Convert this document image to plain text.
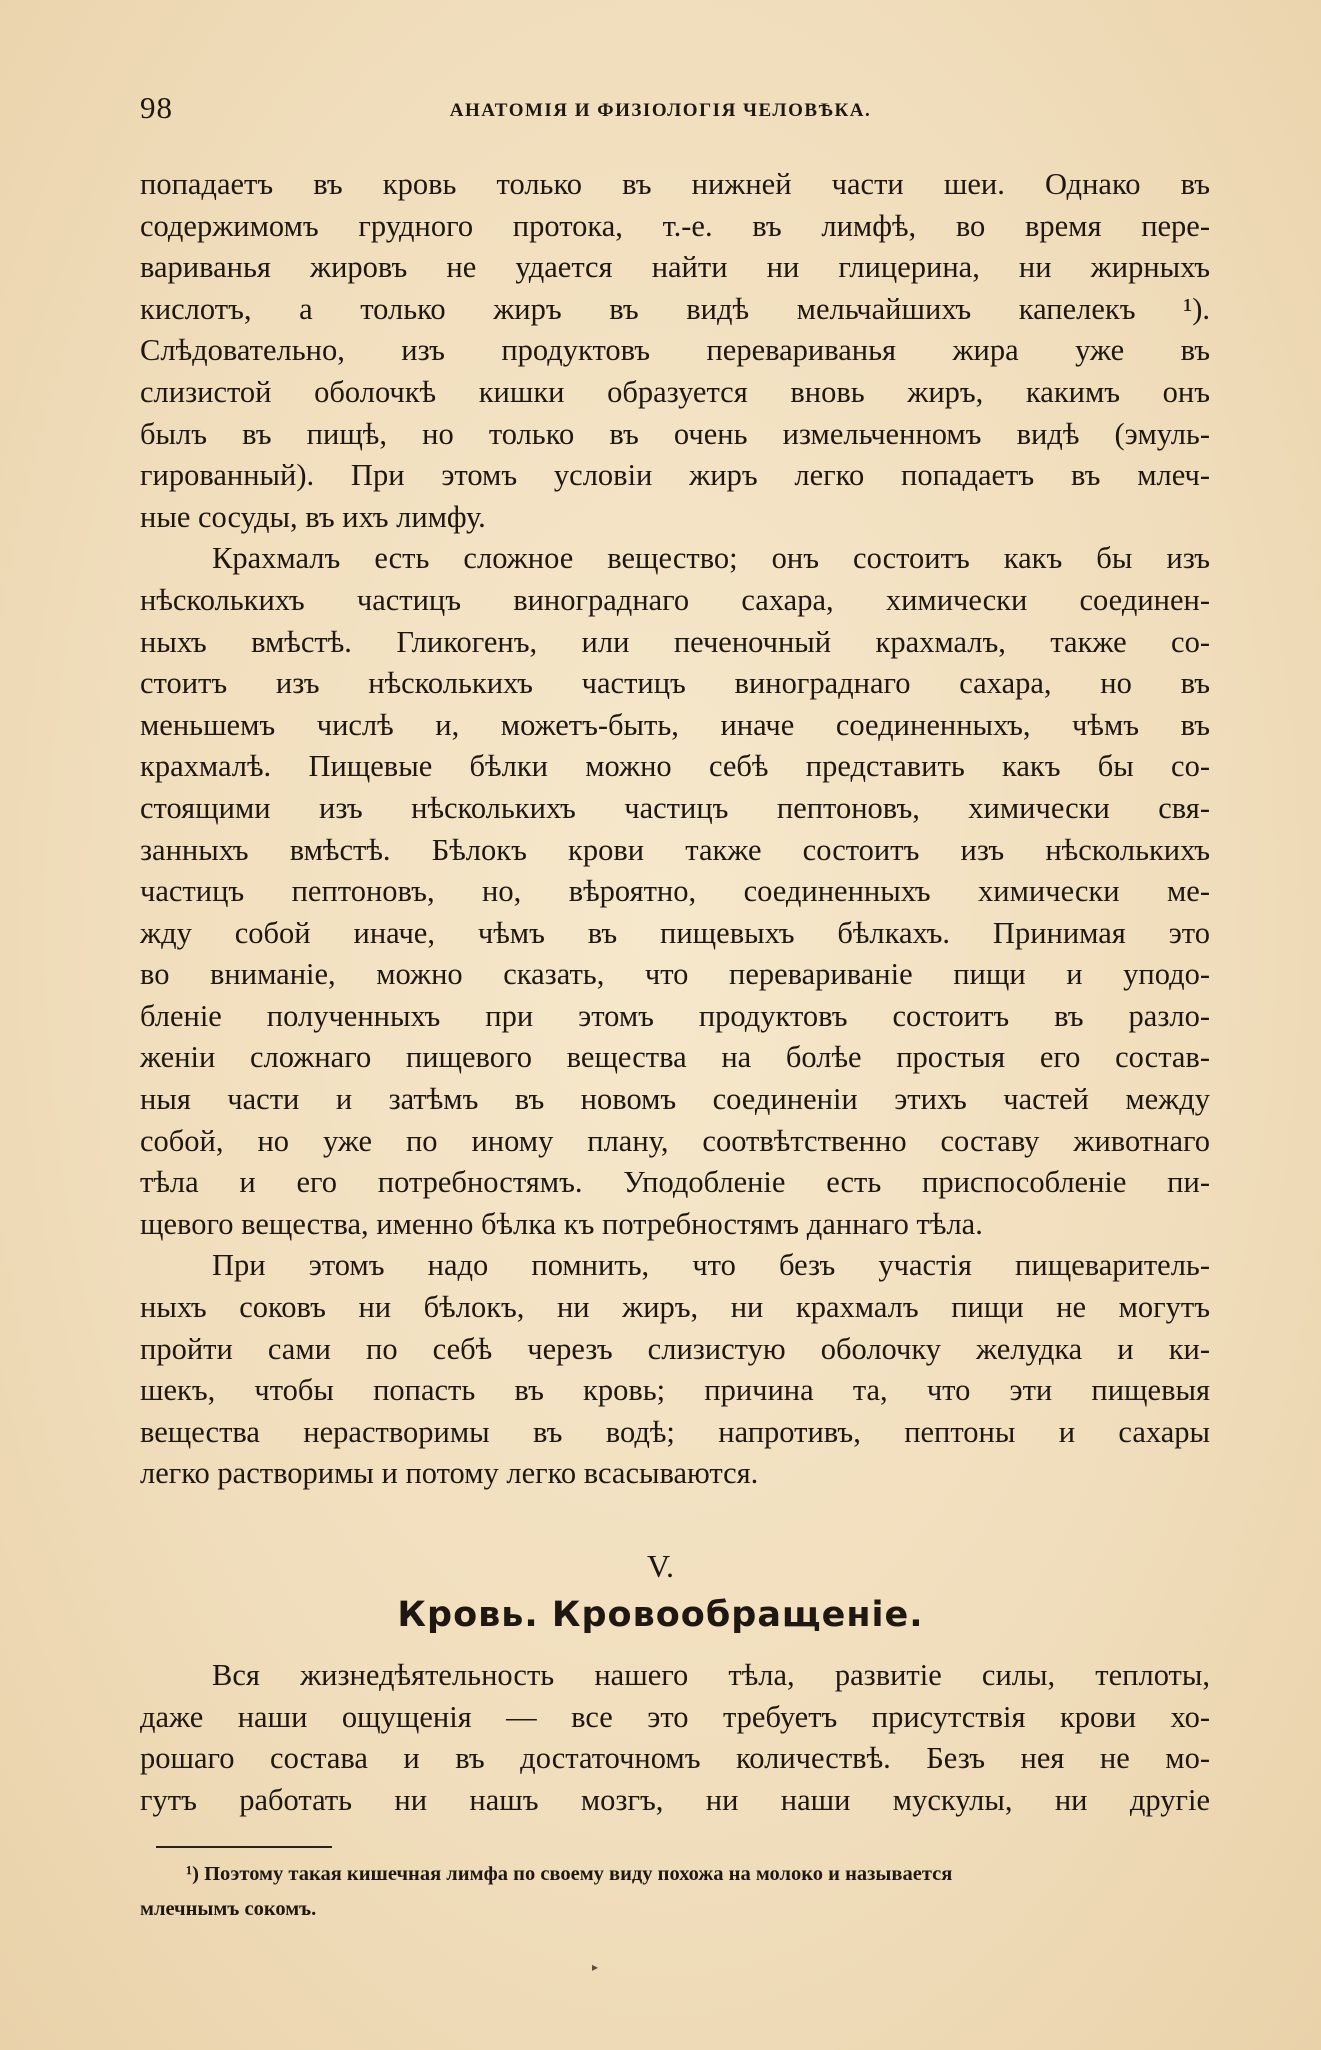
98	АНАТОМІЯ И ФИЗІОЛОГІЯ ЧЕЛОВѢКА.

попадаетъ въ кровь только въ нижней части шеи. Однако въ

содержимомъ грудного протока, т.-е. въ лимфѣ, во время пере-

вариванья жировъ не удается найти ни глицерина, ни жирныхъ

кислотъ, а только жиръ въ видѣ мельчайшихъ капелекъ ¹).

Слѣдовательно, изъ продуктовъ перевариванья жира уже въ

слизистой оболочкѣ кишки образуется вновь жиръ, какимъ онъ

былъ въ пищѣ, но только въ очень измельченномъ видѣ (эмуль-

гированный). При этомъ условіи жиръ легко попадаетъ въ млеч-

ные сосуды, въ ихъ лимфу.

Крахмалъ есть сложное вещество; онъ состоитъ какъ бы изъ

нѣсколькихъ частицъ винограднаго сахара, химически соединен-

ныхъ вмѣстѣ. Гликогенъ, или печеночный крахмалъ, также со-

стоитъ изъ нѣсколькихъ частицъ винограднаго сахара, но въ

меньшемъ числѣ и, можетъ-быть, иначе соединенныхъ, чѣмъ въ

крахмалѣ. Пищевые бѣлки можно себѣ представить какъ бы со-

стоящими изъ нѣсколькихъ частицъ пептоновъ, химически свя-

занныхъ вмѣстѣ. Бѣлокъ крови также состоитъ изъ нѣсколькихъ

частицъ пептоновъ, но, вѣроятно, соединенныхъ химически ме-

жду собой иначе, чѣмъ въ пищевыхъ бѣлкахъ. Принимая это

во вниманіе, можно сказать, что перевариваніе пищи и уподо-

бленіе полученныхъ при этомъ продуктовъ состоитъ въ разло-

женіи сложнаго пищевого вещества на болѣе простыя его состав-

ныя части и затѣмъ въ новомъ соединеніи этихъ частей между

собой, но уже по иному плану, соотвѣтственно составу животнаго

тѣла и его потребностямъ. Уподобленіе есть приспособленіе пи-

щевого вещества, именно бѣлка къ потребностямъ даннаго тѣла.

При этомъ надо помнить, что безъ участія пищеваритель-

ныхъ соковъ ни бѣлокъ, ни жиръ, ни крахмалъ пищи не могутъ

пройти сами по себѣ черезъ слизистую оболочку желудка и ки-

шекъ, чтобы попасть въ кровь; причина та, что эти пищевыя

вещества нерастворимы въ водѣ; напротивъ, пептоны и сахары

легко растворимы и потому легко всасываются.

V.
Кровь. Кровообращеніе.

Вся жизнедѣятельность нашего тѣла, развитіе силы, теплоты,

даже наши ощущенія — все это требуетъ присутствія крови хо-

рошаго состава и въ достаточномъ количествѣ. Безъ нея не мо-

гутъ работать ни нашъ мозгъ, ни наши мускулы, ни другіе

¹) Поэтому такая кишечная лимфа по своему виду похожа на молоко и называется

млечнымъ сокомъ.

▸
